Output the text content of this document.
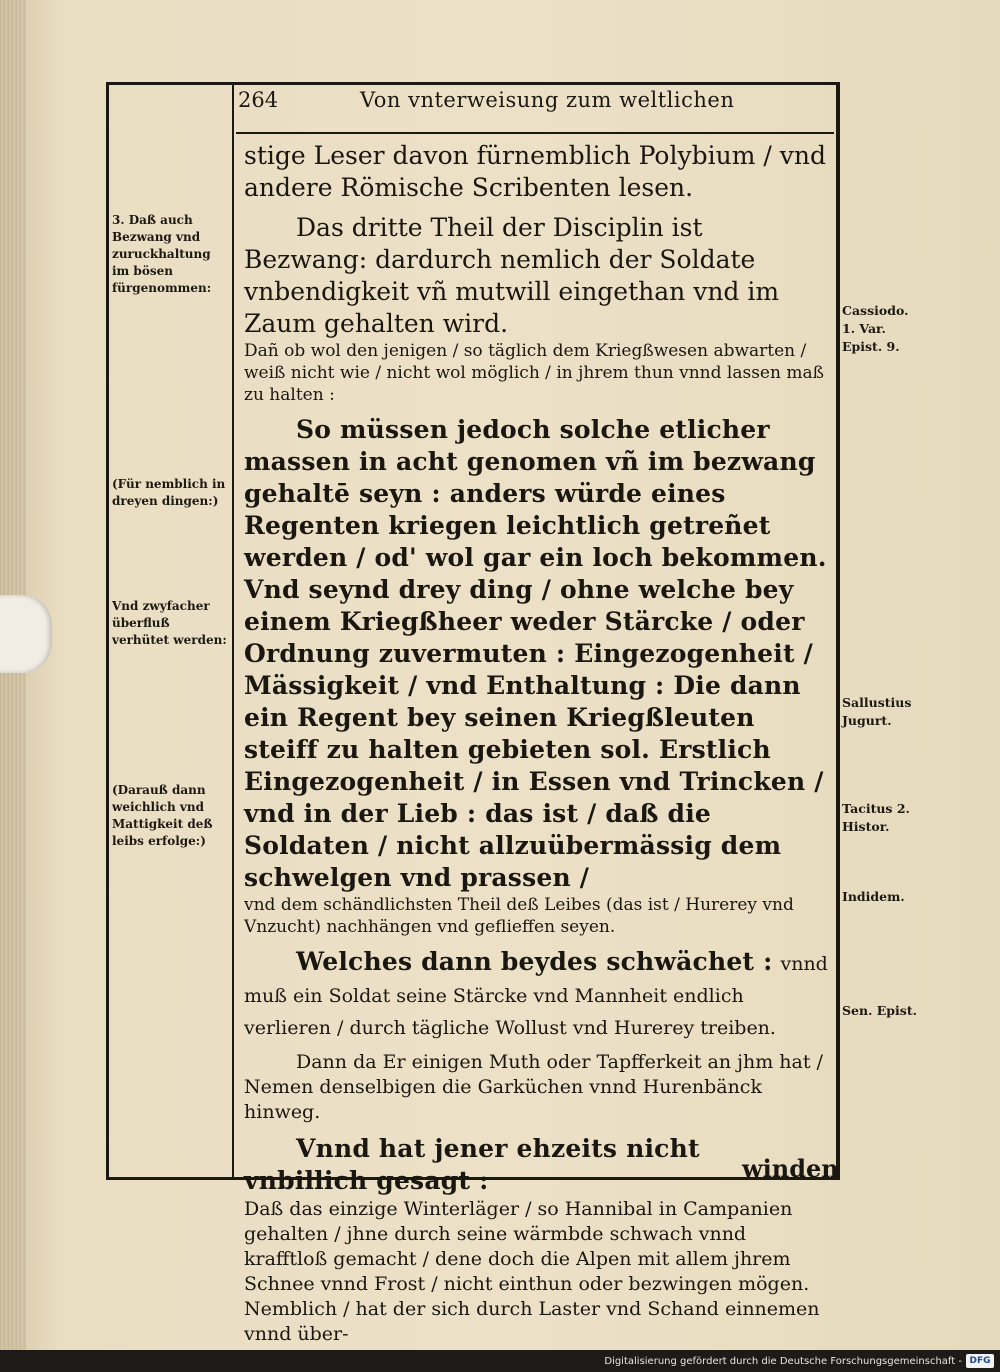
264	Von vnterweisung zum weltlichen
3. Daß auch Bezwang vnd zuruckhaltung im bösen fürgenommen:
(Für nemblich in dreyen dingen:)
Vnd zwyfacher überfluß verhütet werden:
(Darauß dann weichlich vnd Mattigkeit deß leibs erfolge:)
Cassiodo. 1. Var. Epist. 9.
Sallustius Jugurt.
Tacitus 2. Histor.
Indidem.
Sen. Epist.

stige Leser davon fürnemblich Polybium / vnd andere Römische Scribenten lesen.

Das dritte Theil der Disciplin ist Bezwang: dardurch nemlich der Soldate vnbendigkeit vñ mutwill eingethan vnd im Zaum gehalten wird.

Dañ ob wol den jenigen / so täglich dem Kriegßwesen abwarten / weiß nicht wie / nicht wol möglich / in jhrem thun vnnd lassen maß zu halten :

So müssen jedoch solche etlicher massen in acht genomen vñ im bezwang gehaltē seyn : anders würde eines Regenten kriegen leichtlich getreñet werden / od' wol gar ein loch bekommen.

Vnd seynd drey ding / ohne welche bey einem Kriegßheer weder Stärcke / oder Ordnung zuvermuten : Eingezogenheit / Mässigkeit / vnd Enthaltung : Die dann ein Regent bey seinen Kriegßleuten steiff zu halten gebieten sol. Erstlich Eingezogenheit / in Essen vnd Trincken / vnd in der Lieb : das ist / daß die Soldaten / nicht allzuübermässig dem schwelgen vnd prassen /

vnd dem schändlichsten Theil deß Leibes (das ist / Hurerey vnd Vnzucht) nachhängen vnd geflieffen seyen.

Welches dann beydes schwächet : vnnd muß ein Soldat seine Stärcke vnd Mannheit endlich verlieren / durch tägliche Wollust vnd Hurerey treiben.

Dann da Er einigen Muth oder Tapfferkeit an jhm hat / Nemen denselbigen die Garküchen vnnd Hurenbänck hinweg.

Vnnd hat jener ehzeits nicht vnbillich gesagt :

Daß das einzige Winterläger / so Hannibal in Campanien gehalten / jhne durch seine wärmbde schwach vnnd krafftloß gemacht / dene doch die Alpen mit allem jhrem Schnee vnnd Frost / nicht einthun oder bezwingen mögen. Nemblich / hat der sich durch Laster vnd Schand einnemen vnnd über-

winden
Digitalisierung gefördert durch die Deutsche Forschungsgemeinschaft - DFG
